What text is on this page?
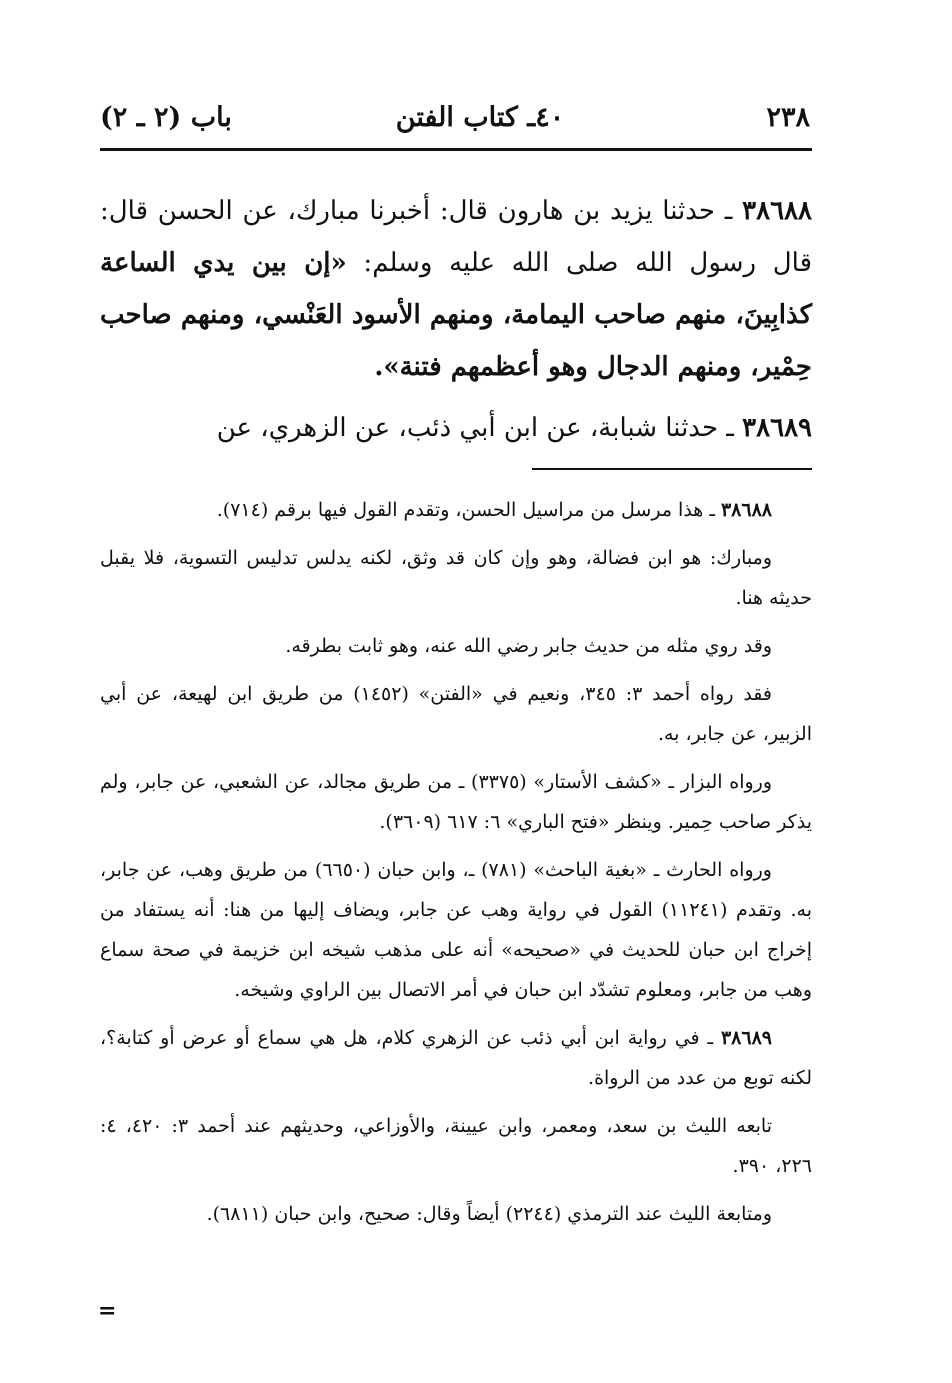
٢٣٨
٤٠ـ كتاب الفتن
باب (٢ ـ ٢)
٣٨٦٨٨ ـ حدثنا يزيد بن هارون قال: أخبرنا مبارك، عن الحسن قال: قال رسول الله صلى الله عليه وسلم: «إن بين يدي الساعة كذابِينَ، منهم صاحب اليمامة، ومنهم الأسود العَنْسي، ومنهم صاحب حِمْير، ومنهم الدجال وهو أعظمهم فتنة».
٣٨٦٨٩ ـ حدثنا شبابة، عن ابن أبي ذئب، عن الزهري، عن

٣٨٦٨٨ ـ هذا مرسل من مراسيل الحسن، وتقدم القول فيها برقم (٧١٤).

ومبارك: هو ابن فضالة، وهو وإن كان قد وثق، لكنه يدلس تدليس التسوية، فلا يقبل حديثه هنا.

وقد روي مثله من حديث جابر رضي الله عنه، وهو ثابت بطرقه.

فقد رواه أحمد ٣: ٣٤٥، ونعيم في «الفتن» (١٤٥٢) من طريق ابن لهيعة، عن أبي الزبير، عن جابر، به.

ورواه البزار ـ «كشف الأستار» (٣٣٧٥) ـ من طريق مجالد، عن الشعبي، عن جابر، ولم يذكر صاحب حِمير. وينظر «فتح الباري» ٦: ٦١٧ (٣٦٠٩).

ورواه الحارث ـ «بغية الباحث» (٧٨١) ـ، وابن حبان (٦٦٥٠) من طريق وهب، عن جابر، به. وتقدم (١١٢٤١) القول في رواية وهب عن جابر، ويضاف إليها من هنا: أنه يستفاد من إخراج ابن حبان للحديث في «صحيحه» أنه على مذهب شيخه ابن خزيمة في صحة سماع وهب من جابر، ومعلوم تشدّد ابن حبان في أمر الاتصال بين الراوي وشيخه.

٣٨٦٨٩ ـ في رواية ابن أبي ذئب عن الزهري كلام، هل هي سماع أو عرض أو كتابة؟، لكنه توبع من عدد من الرواة.

تابعه الليث بن سعد، ومعمر، وابن عيينة، والأوزاعي، وحديثهم عند أحمد ٣: ٤٢٠، ٤: ٢٢٦، ٣٩٠.

ومتابعة الليث عند الترمذي (٢٢٤٤) أيضاً وقال: صحيح، وابن حبان (٦٨١١).

=
